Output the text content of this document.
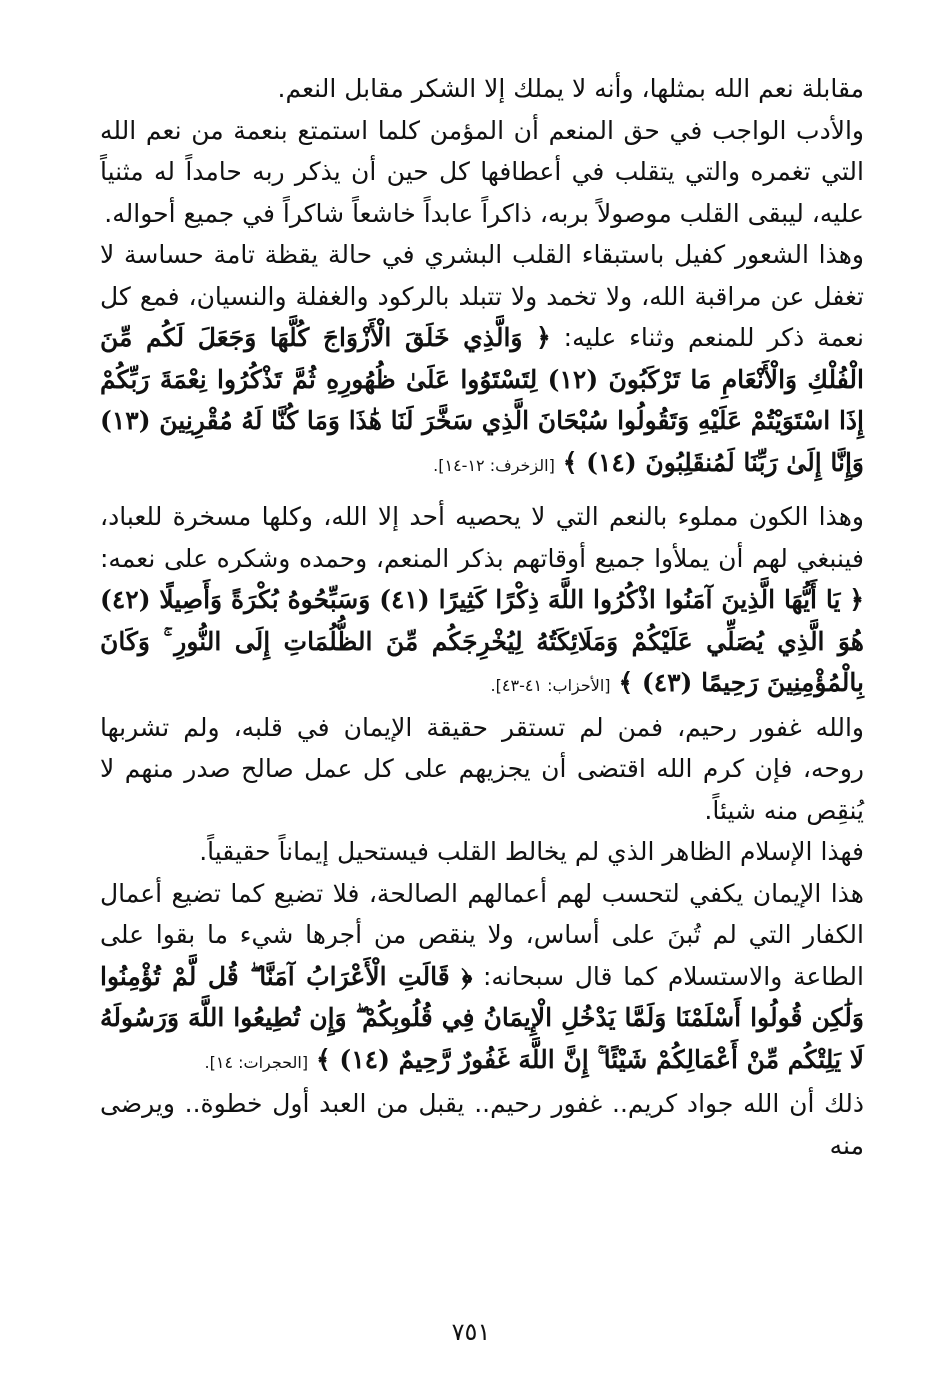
مقابلة نعم الله بمثلها، وأنه لا يملك إلا الشكر مقابل النعم.

والأدب الواجب في حق المنعم أن المؤمن كلما استمتع بنعمة من نعم الله التي تغمره والتي يتقلب في أعطافها كل حين أن يذكر ربه حامداً له مثنياً عليه، ليبقى القلب موصولاً بربه، ذاكراً عابداً خاشعاً شاكراً في جميع أحواله.

وهذا الشعور كفيل باستبقاء القلب البشري في حالة يقظة تامة حساسة لا تغفل عن مراقبة الله، ولا تخمد ولا تتبلد بالركود والغفلة والنسيان، فمع كل نعمة ذكر للمنعم وثناء عليه: ﴿ وَالَّذِي خَلَقَ الْأَزْوَاجَ كُلَّهَا وَجَعَلَ لَكُم مِّنَ الْفُلْكِ وَالْأَنْعَامِ مَا تَرْكَبُونَ (١٢) لِتَسْتَوُوا عَلَىٰ ظُهُورِهِ ثُمَّ تَذْكُرُوا نِعْمَةَ رَبِّكُمْ إِذَا اسْتَوَيْتُمْ عَلَيْهِ وَتَقُولُوا سُبْحَانَ الَّذِي سَخَّرَ لَنَا هَٰذَا وَمَا كُنَّا لَهُ مُقْرِنِينَ (١٣) وَإِنَّا إِلَىٰ رَبِّنَا لَمُنقَلِبُونَ (١٤) ﴾ [الزخرف: ١٢-١٤].

وهذا الكون مملوء بالنعم التي لا يحصيه أحد إلا الله، وكلها مسخرة للعباد، فينبغي لهم أن يملأوا جميع أوقاتهم بذكر المنعم، وحمده وشكره على نعمه: ﴿ يَا أَيُّهَا الَّذِينَ آمَنُوا اذْكُرُوا اللَّهَ ذِكْرًا كَثِيرًا (٤١) وَسَبِّحُوهُ بُكْرَةً وَأَصِيلًا (٤٢) هُوَ الَّذِي يُصَلِّي عَلَيْكُمْ وَمَلَائِكَتُهُ لِيُخْرِجَكُم مِّنَ الظُّلُمَاتِ إِلَى النُّورِ ۚ وَكَانَ بِالْمُؤْمِنِينَ رَحِيمًا (٤٣) ﴾ [الأحزاب: ٤١-٤٣].

والله غفور رحيم، فمن لم تستقر حقيقة الإيمان في قلبه، ولم تشربها روحه، فإن كرم الله اقتضى أن يجزيهم على كل عمل صالح صدر منهم لا يُنقِص منه شيئاً.

فهذا الإسلام الظاهر الذي لم يخالط القلب فيستحيل إيماناً حقيقياً.

هذا الإيمان يكفي لتحسب لهم أعمالهم الصالحة، فلا تضيع كما تضيع أعمال الكفار التي لم تُبنَ على أساس، ولا ينقص من أجرها شيء ما بقوا على الطاعة والاستسلام كما قال سبحانه: ﴿ قَالَتِ الْأَعْرَابُ آمَنَّا ۖ قُل لَّمْ تُؤْمِنُوا وَلَٰكِن قُولُوا أَسْلَمْنَا وَلَمَّا يَدْخُلِ الْإِيمَانُ فِي قُلُوبِكُمْ ۖ وَإِن تُطِيعُوا اللَّهَ وَرَسُولَهُ لَا يَلِتْكُم مِّنْ أَعْمَالِكُمْ شَيْئًا ۚ إِنَّ اللَّهَ غَفُورٌ رَّحِيمٌ (١٤) ﴾ [الحجرات: ١٤].

ذلك أن الله جواد كريم.. غفور رحيم.. يقبل من العبد أول خطوة.. ويرضى منه

٧٥١
